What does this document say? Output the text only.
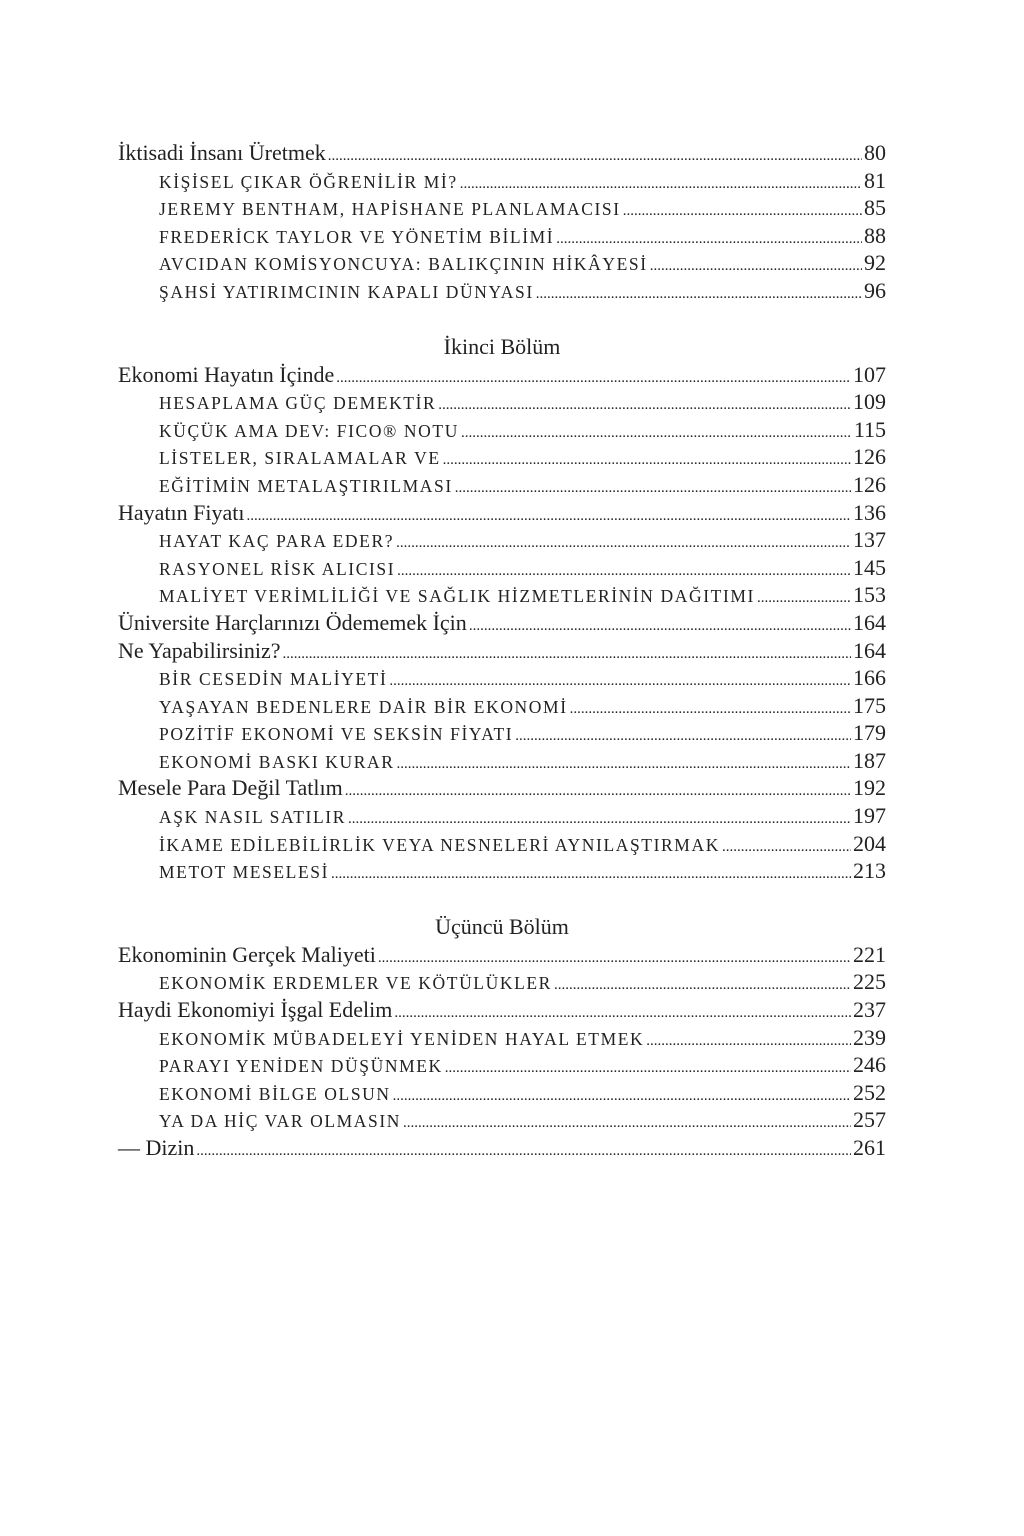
İktisadi İnsanı Üretmek .....	80
KİŞİSEL ÇIKAR ÖĞRENİLİR Mİ? .....	81
JEREMY BENTHAM, HAPİSHANE PLANLAMACISI .....	85
FREDERİCK TAYLOR VE YÖNETİM BİLİMİ .....	88
AVCIDAN KOMİSYONCUYA: BALIKÇININ HİKÂYESİ .....	92
ŞAHSİ YATIRIMCININ KAPALI DÜNYASI .....	96
İkinci Bölüm
Ekonomi Hayatın İçinde .....	107
HESAPLAMA GÜÇ DEMEKTİR .....	109
KÜÇÜK AMA DEV: FICO® NOTU .....	115
LİSTELER, SIRALAMALAR VE .....	126
EĞİTİMİN METALAŞTIRILMASI .....	126
Hayatın Fiyatı .....	136
HAYAT KAÇ PARA EDER? .....	137
RASYONEL RİSK ALICISI .....	145
MALİYET VERİMLİLİĞİ VE SAĞLIK HİZMETLERİNİN DAĞITIMI .....	153
Üniversite Harçlarınızı Ödememek İçin .....	164
Ne Yapabilirsiniz? .....	164
BİR CESEDİN MALİYETİ .....	166
YAŞAYAN BEDENLERE DAİR BİR EKONOMİ .....	175
POZİTİF EKONOMİ VE SEKSİN FİYATI .....	179
EKONOMİ BASKI KURAR .....	187
Mesele Para Değil Tatlım .....	192
AŞK NASIL SATILIR .....	197
İKAME EDİLEBİLİRLİK VEYA NESNELERİ AYNILAŞTIRMAK .....	204
METOT MESELESİ .....	213
Üçüncü Bölüm
Ekonominin Gerçek Maliyeti .....	221
EKONOMİK ERDEMLER VE KÖTÜLÜKLER .....	225
Haydi Ekonomiyi İşgal Edelim .....	237
EKONOMİK MÜBADELEYİ YENİDEN HAYAL ETMEK .....	239
PARAYI YENİDEN DÜŞÜNMEK .....	246
EKONOMİ BİLGE OLSUN .....	252
YA DA HİÇ VAR OLMASIN .....	257
— Dizin .....	261
